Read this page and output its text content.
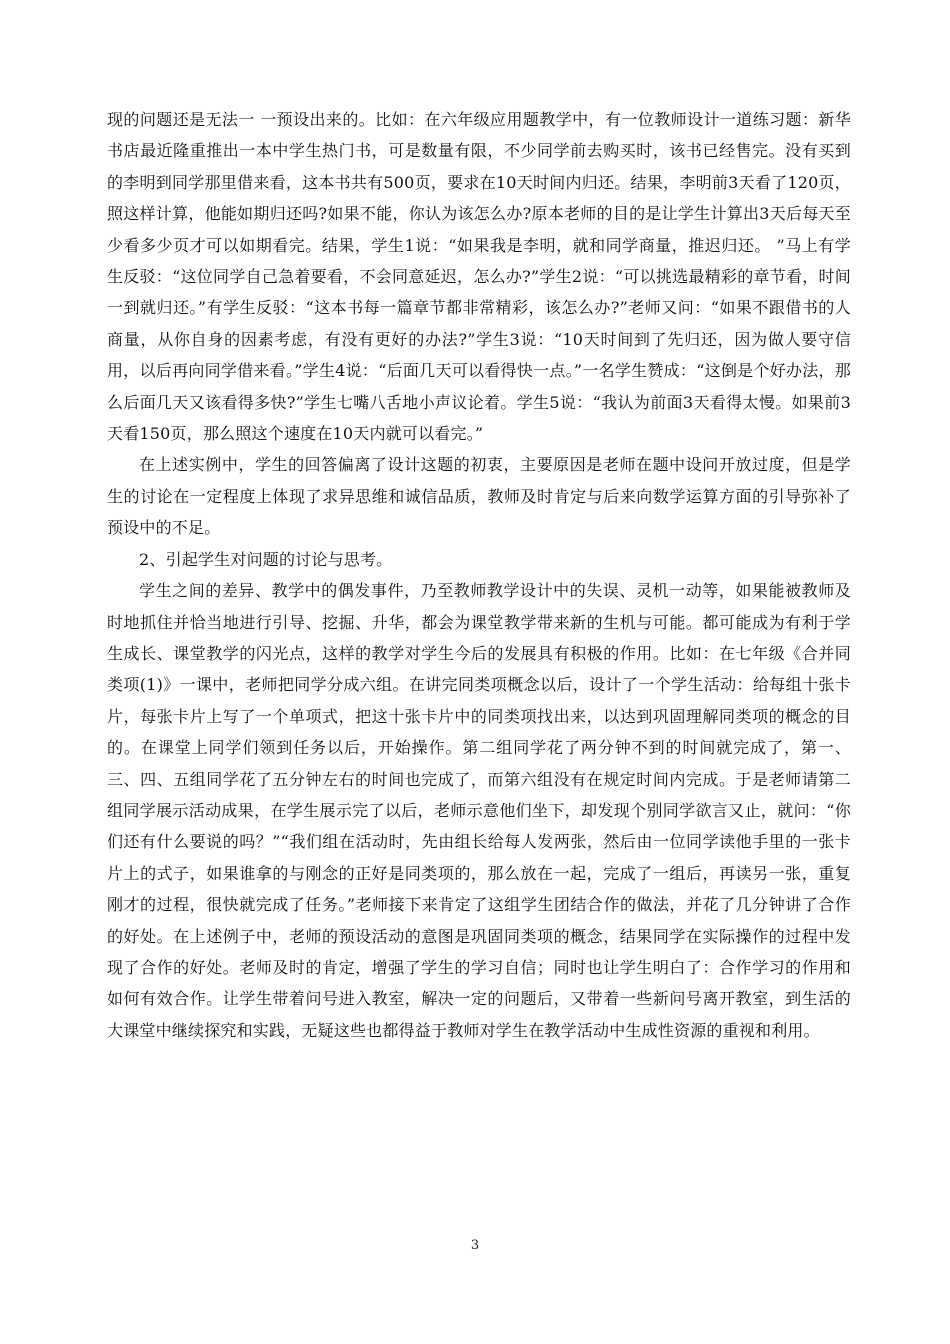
现的问题还是无法一 一预设出来的。比如：在六年级应用题教学中，有一位教师设计一道练习题：新华书店最近隆重推出一本中学生热门书，可是数量有限，不少同学前去购买时，该书已经售完。没有买到的李明到同学那里借来看，这本书共有500页，要求在10天时间内归还。结果，李明前3天看了120页，照这样计算，他能如期归还吗?如果不能，你认为该怎么办?原本老师的目的是让学生计算出3天后每天至少看多少页才可以如期看完。结果，学生1说：“如果我是李明，就和同学商量，推迟归还。 ”马上有学生反驳：“这位同学自己急着要看，不会同意延迟，怎么办?”学生2说：“可以挑选最精彩的章节看，时间一到就归还。”有学生反驳：“这本书每一篇章节都非常精彩，该怎么办?”老师又问：“如果不跟借书的人商量，从你自身的因素考虑，有没有更好的办法?”学生3说：“10天时间到了先归还，因为做人要守信用，以后再向同学借来看。”学生4说：“后面几天可以看得快一点。”一名学生赞成：“这倒是个好办法，那么后面几天又该看得多快?”学生七嘴八舌地小声议论着。学生5说：“我认为前面3天看得太慢。如果前3天看150页，那么照这个速度在10天内就可以看完。”

在上述实例中，学生的回答偏离了设计这题的初衷，主要原因是老师在题中设问开放过度，但是学生的讨论在一定程度上体现了求异思维和诚信品质，教师及时肯定与后来向数学运算方面的引导弥补了预设中的不足。

2、引起学生对问题的讨论与思考。

学生之间的差异、教学中的偶发事件，乃至教师教学设计中的失误、灵机一动等，如果能被教师及时地抓住并恰当地进行引导、挖掘、升华，都会为课堂教学带来新的生机与可能。都可能成为有利于学生成长、课堂教学的闪光点，这样的教学对学生今后的发展具有积极的作用。比如：在七年级《合并同类项(1)》一课中，老师把同学分成六组。在讲完同类项概念以后，设计了一个学生活动：给每组十张卡片，每张卡片上写了一个单项式，把这十张卡片中的同类项找出来，以达到巩固理解同类项的概念的目的。在课堂上同学们领到任务以后，开始操作。第二组同学花了两分钟不到的时间就完成了，第一、三、四、五组同学花了五分钟左右的时间也完成了，而第六组没有在规定时间内完成。于是老师请第二组同学展示活动成果，在学生展示完了以后，老师示意他们坐下，却发现个别同学欲言又止，就问：“你们还有什么要说的吗？”“我们组在活动时，先由组长给每人发两张，然后由一位同学读他手里的一张卡片上的式子，如果谁拿的与刚念的正好是同类项的，那么放在一起，完成了一组后，再读另一张，重复刚才的过程，很快就完成了任务。”老师接下来肯定了这组学生团结合作的做法，并花了几分钟讲了合作的好处。在上述例子中，老师的预设活动的意图是巩固同类项的概念，结果同学在实际操作的过程中发现了合作的好处。老师及时的肯定，增强了学生的学习自信；同时也让学生明白了：合作学习的作用和如何有效合作。让学生带着问号进入教室，解决一定的问题后，又带着一些新问号离开教室，到生活的大课堂中继续探究和实践，无疑这些也都得益于教师对学生在教学活动中生成性资源的重视和利用。

3
